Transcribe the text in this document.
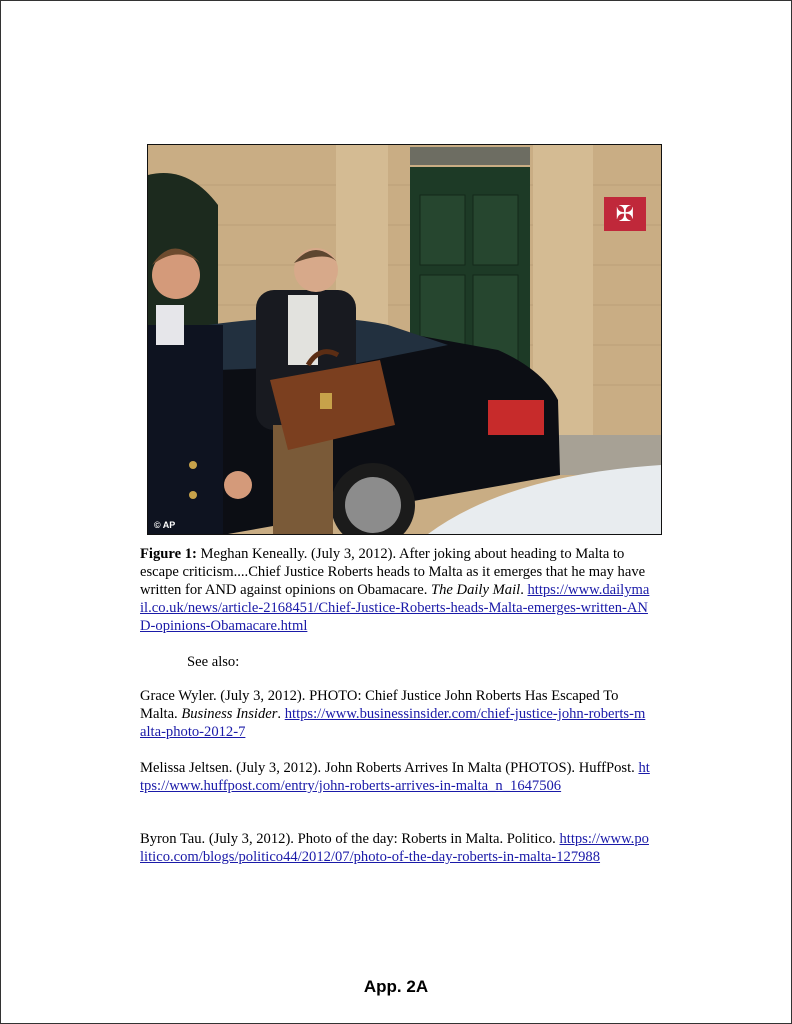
✠
© AP
Figure 1: Meghan Keneally. (July 3, 2012). After joking about heading to Malta to escape criticism....Chief Justice Roberts heads to Malta as it emerges that he may have written for AND against opinions on Obamacare. The Daily Mail. https://www.dailymail.co.uk/news/article-2168451/Chief-Justice-Roberts-heads-Malta-emerges-written-AND-opinions-Obamacare.html
See also:
Grace Wyler. (July 3, 2012). PHOTO: Chief Justice John Roberts Has Escaped To Malta. Business Insider. https://www.businessinsider.com/chief-justice-john-roberts-malta-photo-2012-7
Melissa Jeltsen. (July 3, 2012). John Roberts Arrives In Malta (PHOTOS). HuffPost. https://www.huffpost.com/entry/john-roberts-arrives-in-malta_n_1647506
Byron Tau. (July 3, 2012). Photo of the day: Roberts in Malta. Politico. https://www.politico.com/blogs/politico44/2012/07/photo-of-the-day-roberts-in-malta-127988
App. 2A
